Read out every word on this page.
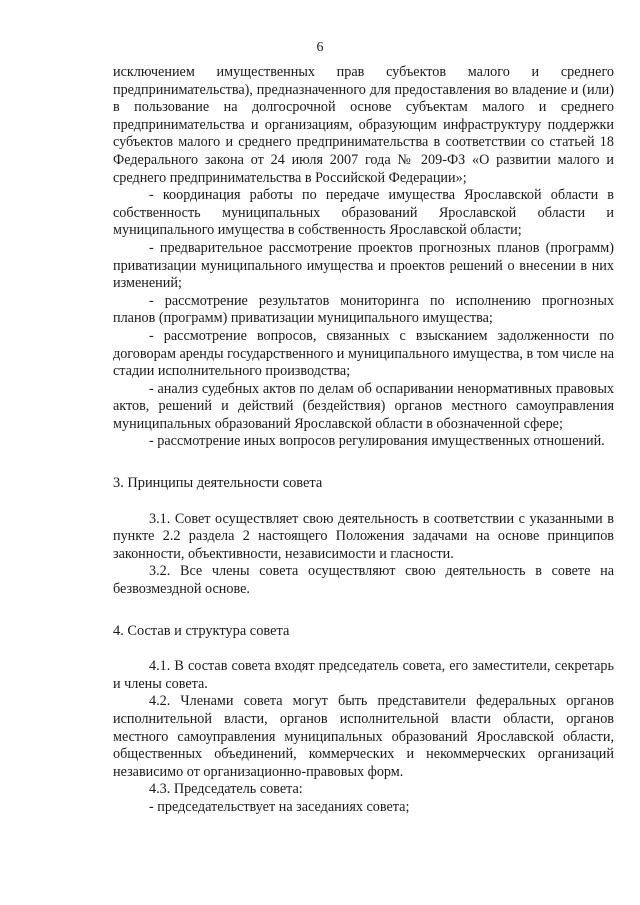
6

исключением имущественных прав субъектов малого и среднего предпринимательства), предназначенного для предоставления во владение и (или) в пользование на долгосрочной основе субъектам малого и среднего предпринимательства и организациям, образующим инфраструктуру поддержки субъектов малого и среднего предпринимательства в соответствии со статьей 18 Федерального закона от 24 июля 2007 года № 209-ФЗ «О развитии малого и среднего предпринимательства в Российской Федерации»;

- координация работы по передаче имущества Ярославской области в собственность муниципальных образований Ярославской области и муниципального имущества в собственность Ярославской области;

- предварительное рассмотрение проектов прогнозных планов (программ) приватизации муниципального имущества и проектов решений о внесении в них изменений;

- рассмотрение результатов мониторинга по исполнению прогнозных планов (программ) приватизации муниципального имущества;

- рассмотрение вопросов, связанных с взысканием задолженности по договорам аренды государственного и муниципального имущества, в том числе на стадии исполнительного производства;

- анализ судебных актов по делам об оспаривании ненормативных правовых актов, решений и действий (бездействия) органов местного самоуправления муниципальных образований Ярославской области в обозначенной сфере;

- рассмотрение иных вопросов регулирования имущественных отношений.

3. Принципы деятельности совета

3.1. Совет осуществляет свою деятельность в соответствии с указанными в пункте 2.2 раздела 2 настоящего Положения задачами на основе принципов законности, объективности, независимости и гласности.

3.2. Все члены совета осуществляют свою деятельность в совете на безвозмездной основе.

4. Состав и структура совета

4.1. В состав совета входят председатель совета, его заместители, секретарь и члены совета.

4.2. Членами совета могут быть представители федеральных органов исполнительной власти, органов исполнительной власти области, органов местного самоуправления муниципальных образований Ярославской области, общественных объединений, коммерческих и некоммерческих организаций независимо от организационно-правовых форм.

4.3. Председатель совета:

- председательствует на заседаниях совета;
